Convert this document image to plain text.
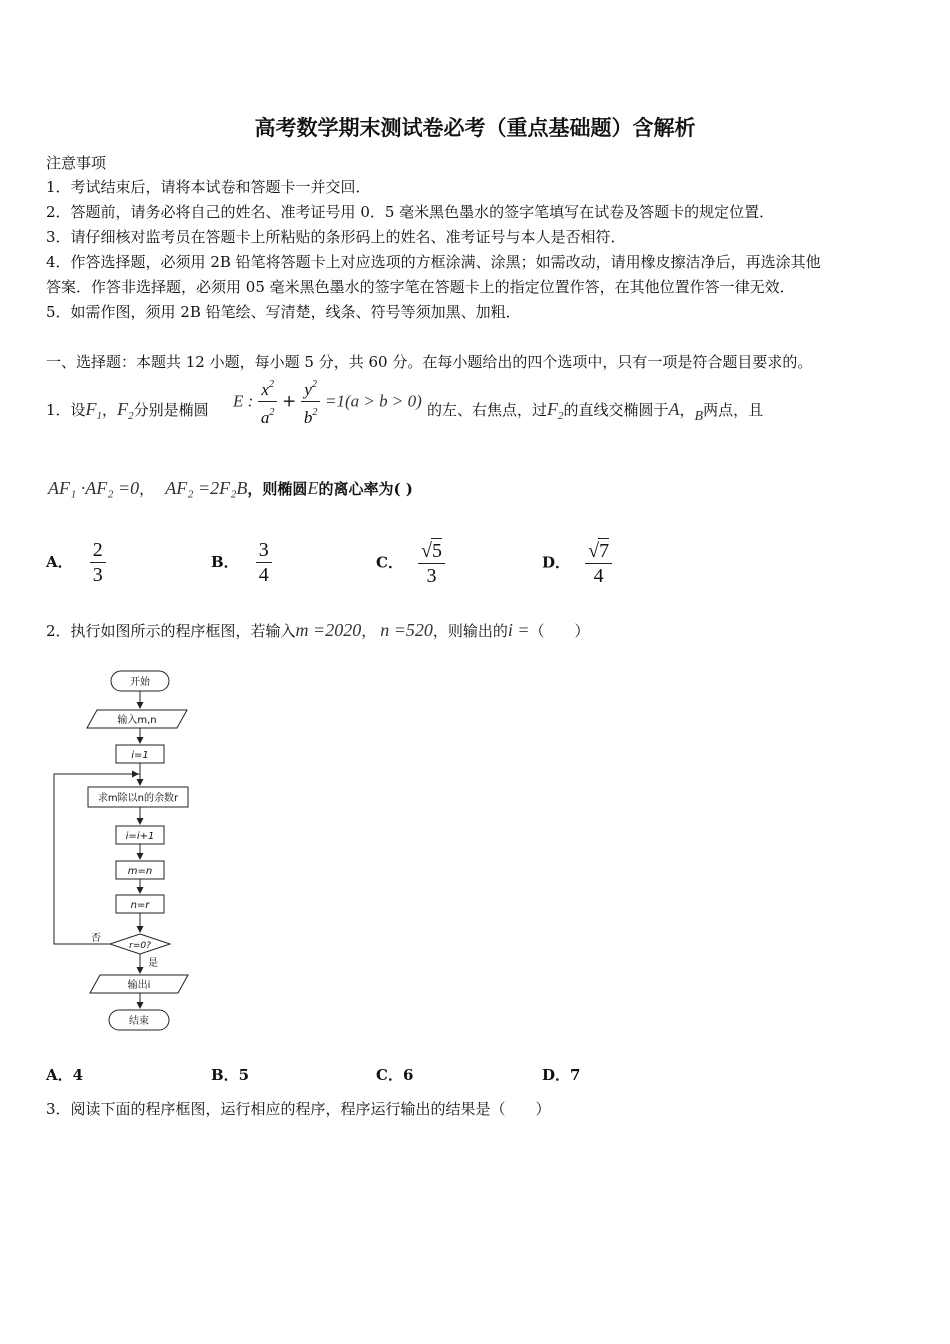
高考数学期末测试卷必考（重点基础题）含解析
注意事项
1．考试结束后，请将本试卷和答题卡一并交回．
2．答题前，请务必将自己的姓名、准考证号用 0．5 毫米黑色墨水的签字笔填写在试卷及答题卡的规定位置．
3．请仔细核对监考员在答题卡上所粘贴的条形码上的姓名、准考证号与本人是否相符．
4．作答选择题，必须用 2B 铅笔将答题卡上对应选项的方框涂满、涂黑；如需改动，请用橡皮擦洁净后，再选涂其他
答案．作答非选择题，必须用 05 毫米黑色墨水的签字笔在答题卡上的指定位置作答，在其他位置作答一律无效．
5．如需作图，须用 2B 铅笔绘、写清楚，线条、符号等须加黑、加粗．
一、选择题：本题共 12 小题，每小题 5 分，共 60 分。在每小题给出的四个选项中，只有一项是符合题目要求的。
1．设$F_1$，$F_2$分别是椭圆 E : $\frac{x^2}{a^2} + \frac{y^2}{b^2} =1(a > b > 0)$ 的左、右焦点，过$F_2$的直线交椭圆于A，B两点，且
AF₁ ·AF₂ =0， AF₂ =2F₂B，则椭圆E的离心率为( )
A． $\frac{2}{3}$	B． $\frac{3}{4}$	C． $\frac{√5}{3}$	D． $\frac{√7}{4}$
2．执行如图所示的程序框图，若输入m =2020， n =520，则输出的i =（　　）
开始
输入m,n
i=1
求m除以n的余数r
i=i+1
m=n
n=r
r=0?
否
是
输出i
结束
A．4	B．5	C．6	D．7
3．阅读下面的程序框图，运行相应的程序，程序运行输出的结果是（　　）
